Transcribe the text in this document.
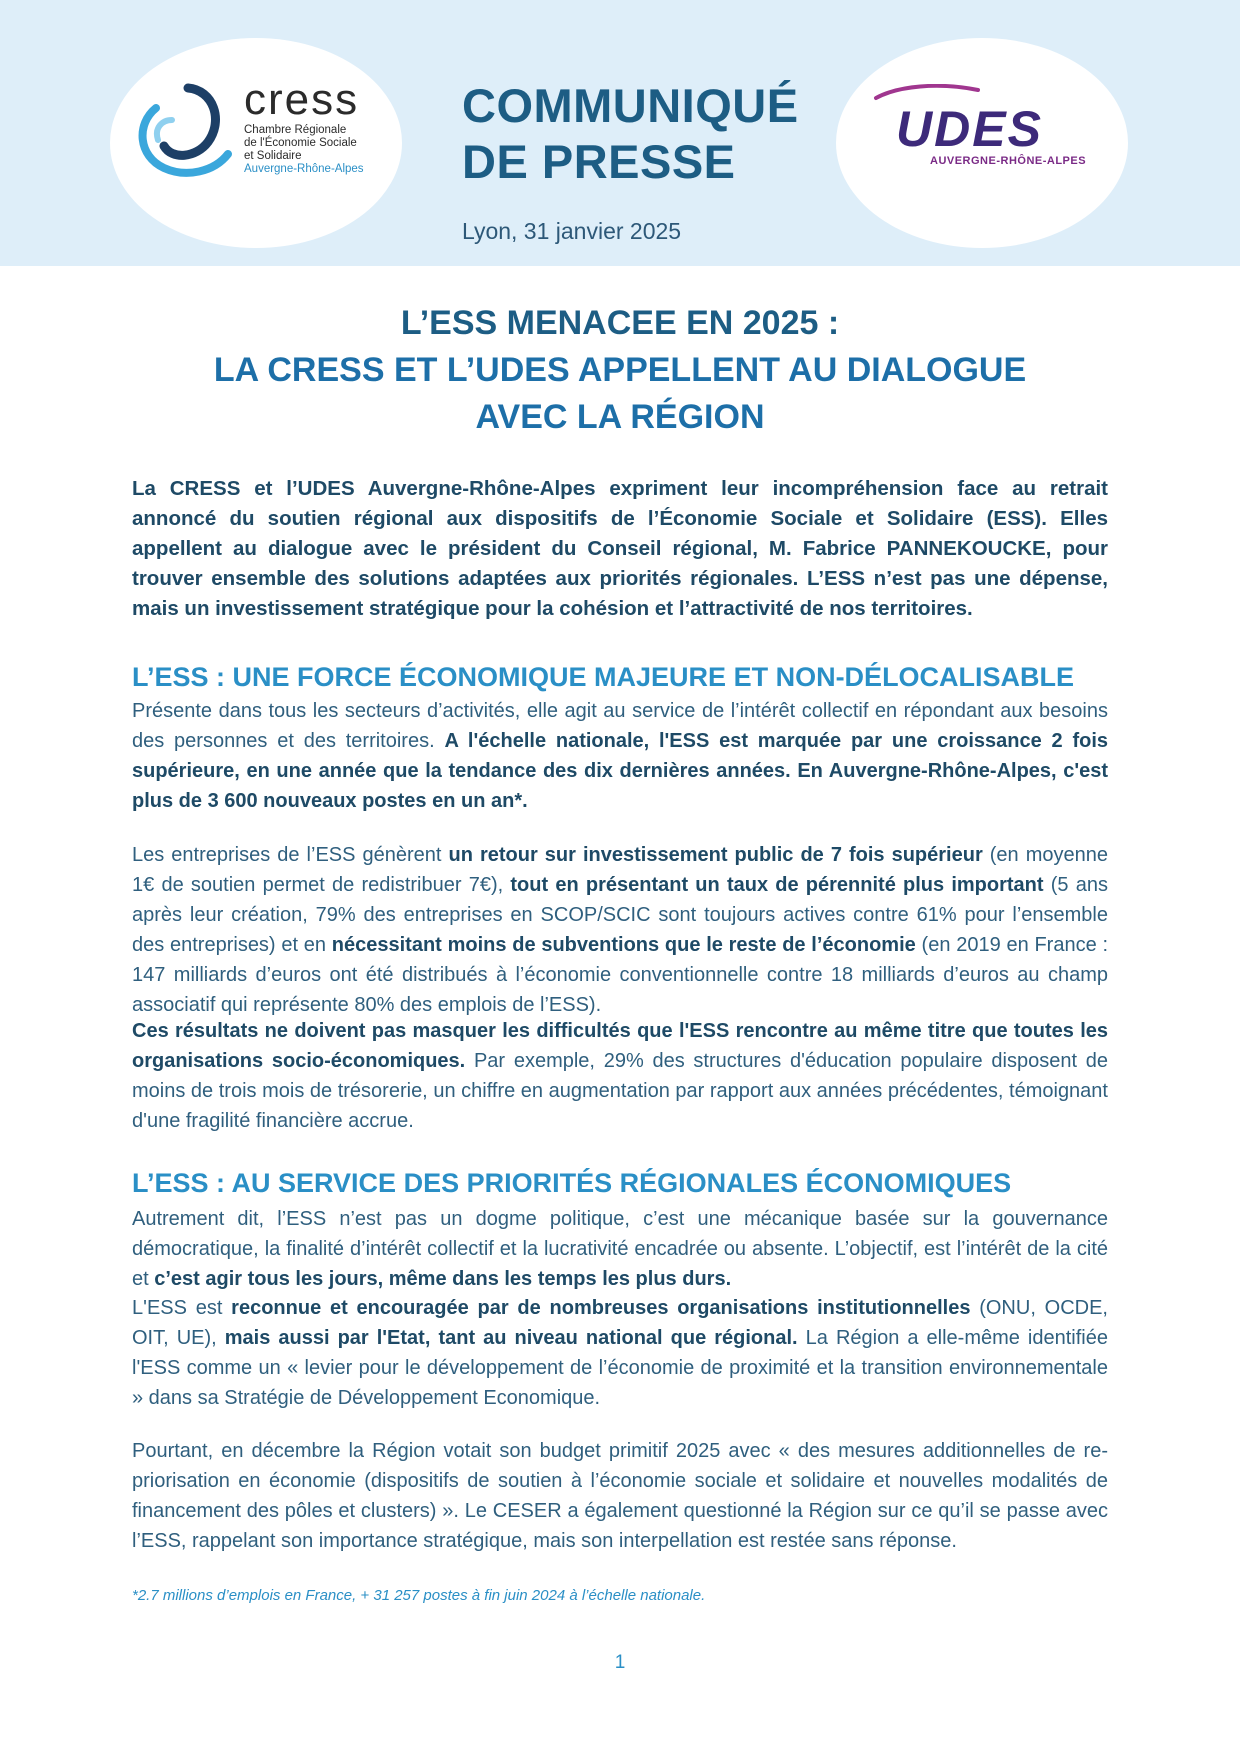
cress
Chambre Régionale
de l'Économie Sociale
et Solidaire
Auvergne-Rhône-Alpes
COMMUNIQUÉ
DE PRESSE
Lyon, 31 janvier 2025
UDES
AUVERGNE-RHÔNE-ALPES
L’ESS MENACEE EN 2025 :
LA CRESS ET L’UDES APPELLENT AU DIALOGUE
AVEC LA RÉGION
La CRESS et l’UDES Auvergne-Rhône-Alpes expriment leur incompréhension face au retrait annoncé du soutien régional aux dispositifs de l’Économie Sociale et Solidaire (ESS). Elles appellent au dialogue avec le président du Conseil régional, M. Fabrice PANNEKOUCKE, pour trouver ensemble des solutions adaptées aux priorités régionales. L’ESS n’est pas une dépense, mais un investissement stratégique pour la cohésion et l’attractivité de nos territoires.
L’ESS : UNE FORCE ÉCONOMIQUE MAJEURE ET NON-DÉLOCALISABLE
Présente dans tous les secteurs d’activités, elle agit au service de l’intérêt collectif en répondant aux besoins des personnes et des territoires. A l'échelle nationale, l'ESS est marquée par une croissance 2 fois supérieure, en une année que la tendance des dix dernières années. En Auvergne-Rhône-Alpes, c'est plus de 3 600 nouveaux postes en un an*.
Les entreprises de l’ESS génèrent un retour sur investissement public de 7 fois supérieur (en moyenne 1€ de soutien permet de redistribuer 7€), tout en présentant un taux de pérennité plus important (5 ans après leur création, 79% des entreprises en SCOP/SCIC sont toujours actives contre 61% pour l’ensemble des entreprises) et en nécessitant moins de subventions que le reste de l’économie (en 2019 en France : 147 milliards d’euros ont été distribués à l’économie conventionnelle contre 18 milliards d’euros au champ associatif qui représente 80% des emplois de l’ESS).
Ces résultats ne doivent pas masquer les difficultés que l'ESS rencontre au même titre que toutes les organisations socio-économiques. Par exemple, 29% des structures d'éducation populaire disposent de moins de trois mois de trésorerie, un chiffre en augmentation par rapport aux années précédentes, témoignant d'une fragilité financière accrue.
L’ESS : AU SERVICE DES PRIORITÉS RÉGIONALES ÉCONOMIQUES
Autrement dit, l’ESS n’est pas un dogme politique, c’est une mécanique basée sur la gouvernance démocratique, la finalité d’intérêt collectif et la lucrativité encadrée ou absente. L’objectif, est l’intérêt de la cité et c’est agir tous les jours, même dans les temps les plus durs.
L'ESS est reconnue et encouragée par de nombreuses organisations institutionnelles (ONU, OCDE, OIT, UE), mais aussi par l'Etat, tant au niveau national que régional. La Région a elle-même identifiée l'ESS comme un « levier pour le développement de l’économie de proximité et la transition environnementale » dans sa Stratégie de Développement Economique.
Pourtant, en décembre la Région votait son budget primitif 2025 avec « des mesures additionnelles de re-priorisation en économie (dispositifs de soutien à l’économie sociale et solidaire et nouvelles modalités de financement des pôles et clusters) ». Le CESER a également questionné la Région sur ce qu’il se passe avec l’ESS, rappelant son importance stratégique, mais son interpellation est restée sans réponse.
*2.7 millions d’emplois en France, + 31 257 postes à fin juin 2024 à l’échelle nationale.
1
